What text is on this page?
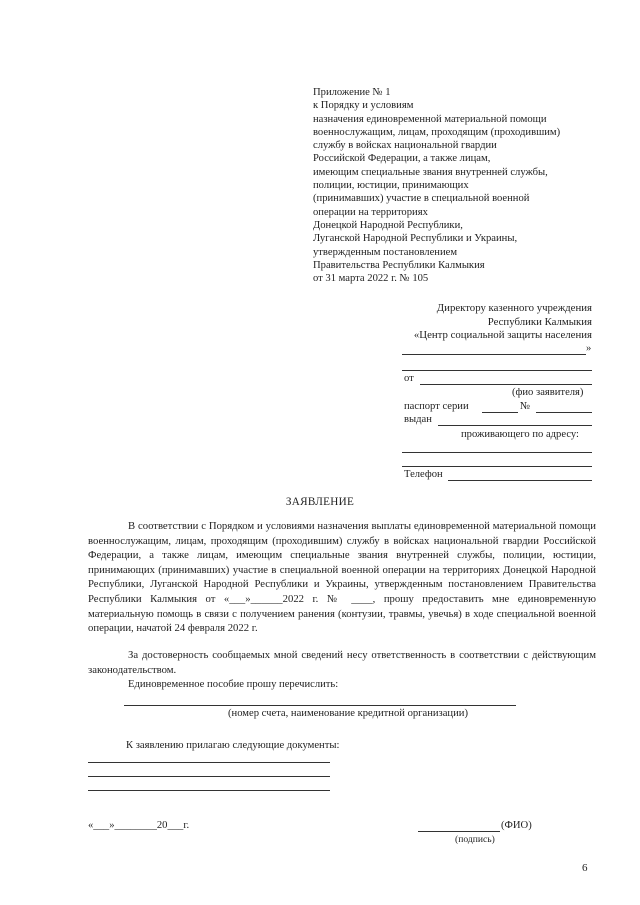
Приложение № 1
к Порядку и условиям
назначения единовременной материальной помощи
военнослужащим, лицам, проходящим (проходившим)
службу в войсках национальной гвардии
Российской Федерации, а также лицам,
имеющим специальные звания внутренней службы,
полиции, юстиции, принимающих
(принимавших) участие в специальной военной
операции на территориях
Донецкой Народной Республики,
Луганской Народной Республики и Украины,
утвержденным постановлением
Правительства Республики Калмыкия
от 31 марта 2022 г. № 105
Директору казенного учреждения
Республики Калмыкия
«Центр социальной защиты населения
»
от
(фио заявителя)
паспорт серии	№
выдан
проживающего по адресу:
Телефон
ЗАЯВЛЕНИЕ
В соответствии с Порядком и условиями назначения выплаты единовременной материальной помощи военнослужащим, лицам, проходящим (проходившим) службу в войсках национальной гвардии Российской Федерации, а также лицам, имеющим специальные звания внутренней службы, полиции, юстиции, принимающих (принимавших) участие в специальной военной операции на территориях Донецкой Народной Республики, Луганской Народной Республики и Украины, утвержденным постановлением Правительства Республики Калмыкия от «___»______2022 г. № ____, прошу предоставить мне единовременную материальную помощь в связи с получением ранения (контузии, травмы, увечья) в ходе специальной военной операции, начатой 24 февраля 2022 г.
За достоверность сообщаемых мной сведений несу ответственность в соответствии с действующим законодательством.
Единовременное пособие прошу перечислить:
(номер счета, наименование кредитной организации)
К заявлению прилагаю следующие документы:
«___»________20___г.	(ФИО)
(подпись)
6
